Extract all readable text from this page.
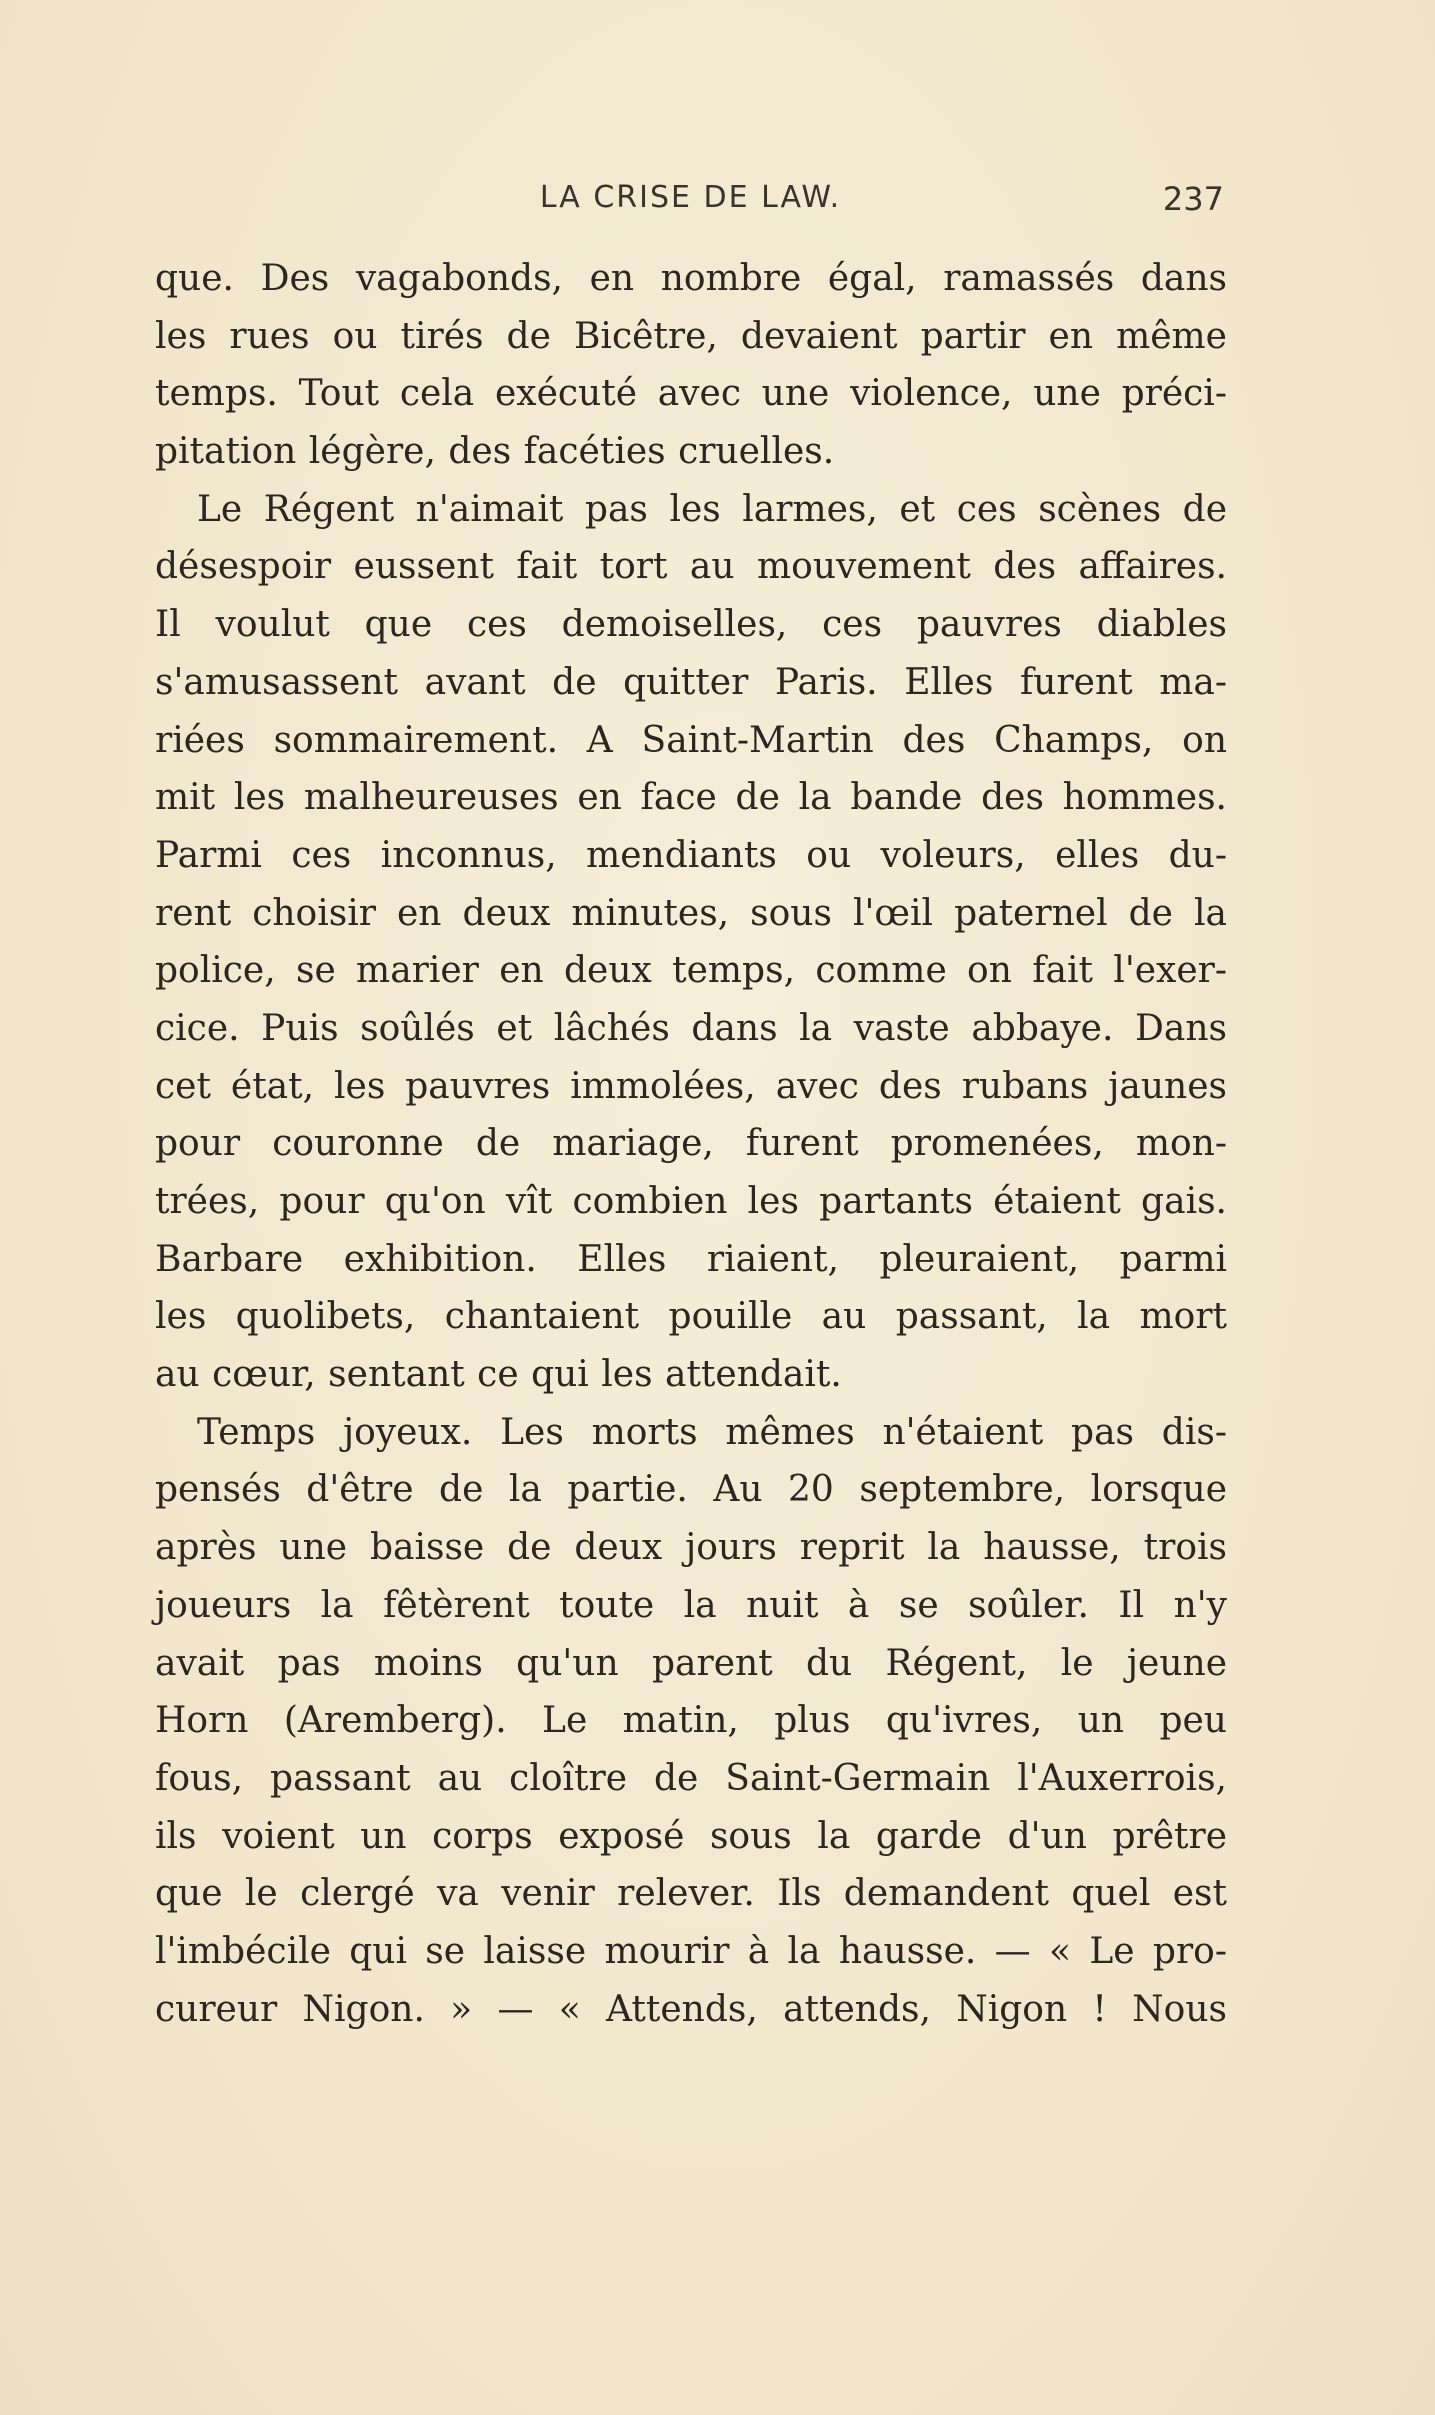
LA CRISE DE LAW.	237
que. Des vagabonds, en nombre égal, ramassés dans
les rues ou tirés de Bicêtre, devaient partir en même
temps. Tout cela exécuté avec une violence, une préci-
pitation légère, des facéties cruelles.
Le Régent n'aimait pas les larmes, et ces scènes de
désespoir eussent fait tort au mouvement des affaires.
Il voulut que ces demoiselles, ces pauvres diables
s'amusassent avant de quitter Paris. Elles furent ma-
riées sommairement. A Saint-Martin des Champs, on
mit les malheureuses en face de la bande des hommes.
Parmi ces inconnus, mendiants ou voleurs, elles du-
rent choisir en deux minutes, sous l'œil paternel de la
police, se marier en deux temps, comme on fait l'exer-
cice. Puis soûlés et lâchés dans la vaste abbaye. Dans
cet état, les pauvres immolées, avec des rubans jaunes
pour couronne de mariage, furent promenées, mon-
trées, pour qu'on vît combien les partants étaient gais.
Barbare exhibition. Elles riaient, pleuraient, parmi
les quolibets, chantaient pouille au passant, la mort
au cœur, sentant ce qui les attendait.
Temps joyeux. Les morts mêmes n'étaient pas dis-
pensés d'être de la partie. Au 20 septembre, lorsque
après une baisse de deux jours reprit la hausse, trois
joueurs la fêtèrent toute la nuit à se soûler. Il n'y
avait pas moins qu'un parent du Régent, le jeune
Horn (Aremberg). Le matin, plus qu'ivres, un peu
fous, passant au cloître de Saint-Germain l'Auxerrois,
ils voient un corps exposé sous la garde d'un prêtre
que le clergé va venir relever. Ils demandent quel est
l'imbécile qui se laisse mourir à la hausse. — « Le pro-
cureur Nigon. » — « Attends, attends, Nigon ! Nous
